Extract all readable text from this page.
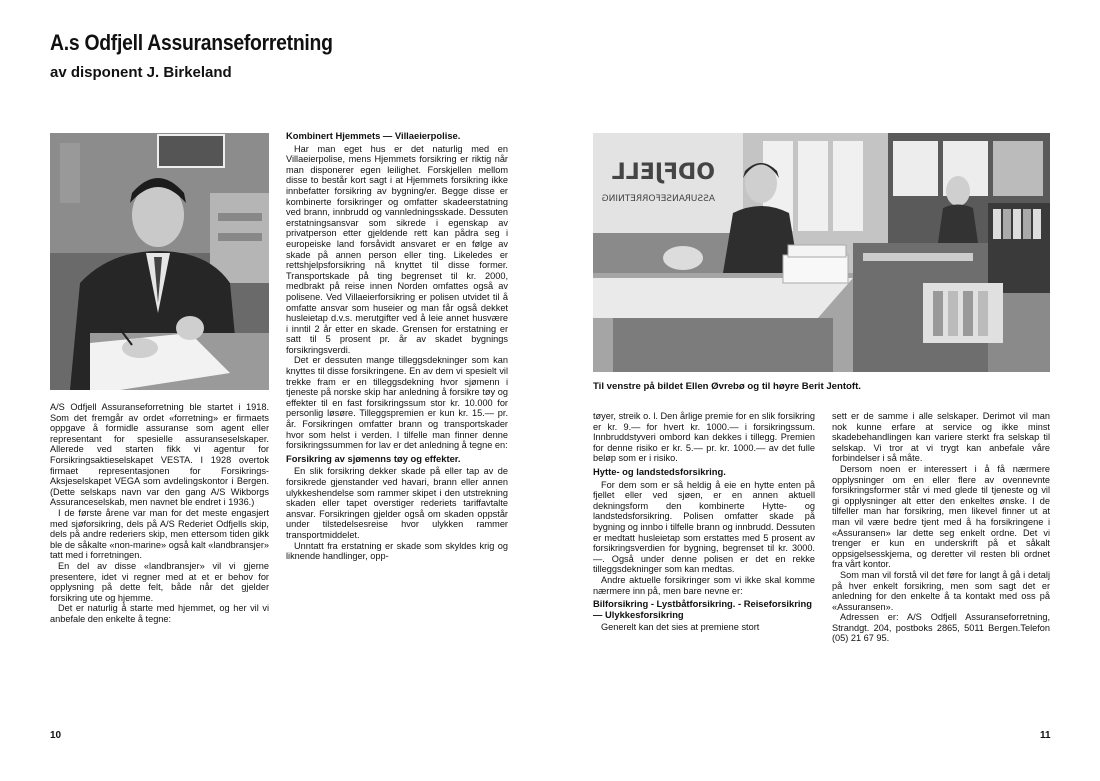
A.s Odfjell Assuranseforretning
av disponent J. Birkeland
ODFJELL
ASSURANSEFORRETNING
Til venstre på bildet Ellen Øvrebø og til høyre Berit Jentoft.

A/S Odfjell Assuranseforretning ble startet i 1918. Som det fremgår av ordet «forretning» er firmaets oppgave å formidle assuranse som agent eller representant for spesielle assuranseselskaper. Allerede ved starten fikk vi agentur for Forsikringsaktieselskapet VESTA. I 1928 overtok firmaet representasjonen for Forsikrings-Aksjeselskapet VEGA som avdelingskontor i Bergen. (Dette selskaps navn var den gang A/S Wikborgs Assuranceselskab, men navnet ble endret i 1936.)

I de første årene var man for det meste engasjert med sjøforsikring, dels på A/S Rederiet Odfjells skip, dels på andre rederiers skip, men ettersom tiden gikk ble de såkalte «non-marine» også kalt «landbransjer» tatt med i forretningen.

En del av disse «landbransjer» vil vi gjerne presentere, idet vi regner med at et er behov for opplysning på dette felt, både når det gjelder forsikring ute og hjemme.

Det er naturlig å starte med hjemmet, og her vil vi anbefale den enkelte å tegne:

Kombinert Hjemmets — Villaeierpolise.

Har man eget hus er det naturlig med en Villaeierpolise, mens Hjemmets forsikring er riktig når man disponerer egen leilighet. Forskjellen mellom disse to består kort sagt i at Hjemmets forsikring ikke innbefatter forsikring av bygning/er. Begge disse er kombinerte forsikringer og omfatter skadeerstatning ved brann, innbrudd og vannledningsskade. Dessuten erstatningsansvar som sikrede i egenskap av privatperson etter gjeldende rett kan pådra seg i europeiske land forsåvidt ansvaret er en følge av skade på annen person eller ting. Likeledes er rettshjelpsforsikring nå knyttet til disse former. Transportskade på ting begrenset til kr. 2000, medbrakt på reise innen Norden omfattes også av polisene. Ved Villaeierforsikring er polisen utvidet til å omfatte ansvar som huseier og man får også dekket husleietap d.v.s. merutgifter ved å leie annet husvære i inntil 2 år etter en skade. Grensen for erstatning er satt til 5 prosent pr. år av skadet bygnings forsikringsverdi.

Det er dessuten mange tilleggsdekninger som kan knyttes til disse forsikringene. En av dem vi spesielt vil trekke fram er en tilleggsdekning hvor sjømenn i tjeneste på norske skip har anledning å forsikre tøy og effekter til en fast forsikringssum stor kr. 10.000 for personlig løsøre. Tilleggspremien er kun kr. 15.— pr. år. Forsikringen omfatter brann og transportskader hvor som helst i verden. I tilfelle man finner denne forsikringssummen for lav er det anledning å tegne en:

Forsikring av sjømenns tøy og effekter.

En slik forsikring dekker skade på eller tap av de forsikrede gjenstander ved havari, brann eller annen ulykkeshendelse som rammer skipet i den utstrekning skaden eller tapet overstiger rederiets tariffavtalte ansvar. Forsikringen gjelder også om skaden oppstår under tilstedelsesreise hvor ulykken rammer transportmiddelet.

Unntatt fra erstatning er skade som skyldes krig og liknende handlinger, opp-

tøyer, streik o. l. Den årlige premie for en slik forsikring er kr. 9.— for hvert kr. 1000.— i forsikringssum. Innbruddstyveri ombord kan dekkes i tillegg. Premien for denne risiko er kr. 5.— pr. kr. 1000.— av det fulle beløp som er i risiko.

Hytte- og landstedsforsikring.

For dem som er så heldig å eie en hytte enten på fjellet eller ved sjøen, er en annen aktuell dekningsform den kombinerte Hytte- og landstedsforsikring. Polisen omfatter skade på bygning og innbo i tilfelle brann og innbrudd. Dessuten er medtatt husleietap som erstattes med 5 prosent av forsikringsverdien for bygning, begrenset til kr. 3000.—. Også under denne polisen er det en rekke tilleggsdekninger som kan medtas.

Andre aktuelle forsikringer som vi ikke skal komme nærmere inn på, men bare nevne er:

Bilforsikring - Lystbåtforsikring. - Reiseforsikring — Ulykkesforsikring

Generelt kan det sies at premiene stort

sett er de samme i alle selskaper. Derimot vil man nok kunne erfare at service og ikke minst skadebehandlingen kan variere sterkt fra selskap til selskap. Vi tror at vi trygt kan anbefale våre forbindelser i så måte.

Dersom noen er interessert i å få nærmere opplysninger om en eller flere av ovennevnte forsikringsformer står vi med glede til tjeneste og vil gi opplysninger alt etter den enkeltes ønske. I de tilfeller man har forsikring, men likevel finner ut at man vil være bedre tjent med å ha forsikringene i «Assuransen» lar dette seg enkelt ordne. Det vi trenger er kun en underskrift på et såkalt oppsigelsesskjema, og deretter vil resten bli ordnet fra vårt kontor.

Som man vil forstå vil det føre for langt å gå i detalj på hver enkelt forsikring, men som sagt det er anledning for den enkelte å ta kontakt med oss på «Assuransen».

Adressen er: A/S Odfjell Assuranseforretning, Strandgt. 204, postboks 2865, 5011 Bergen.Telefon (05) 21 67 95.

10	11
